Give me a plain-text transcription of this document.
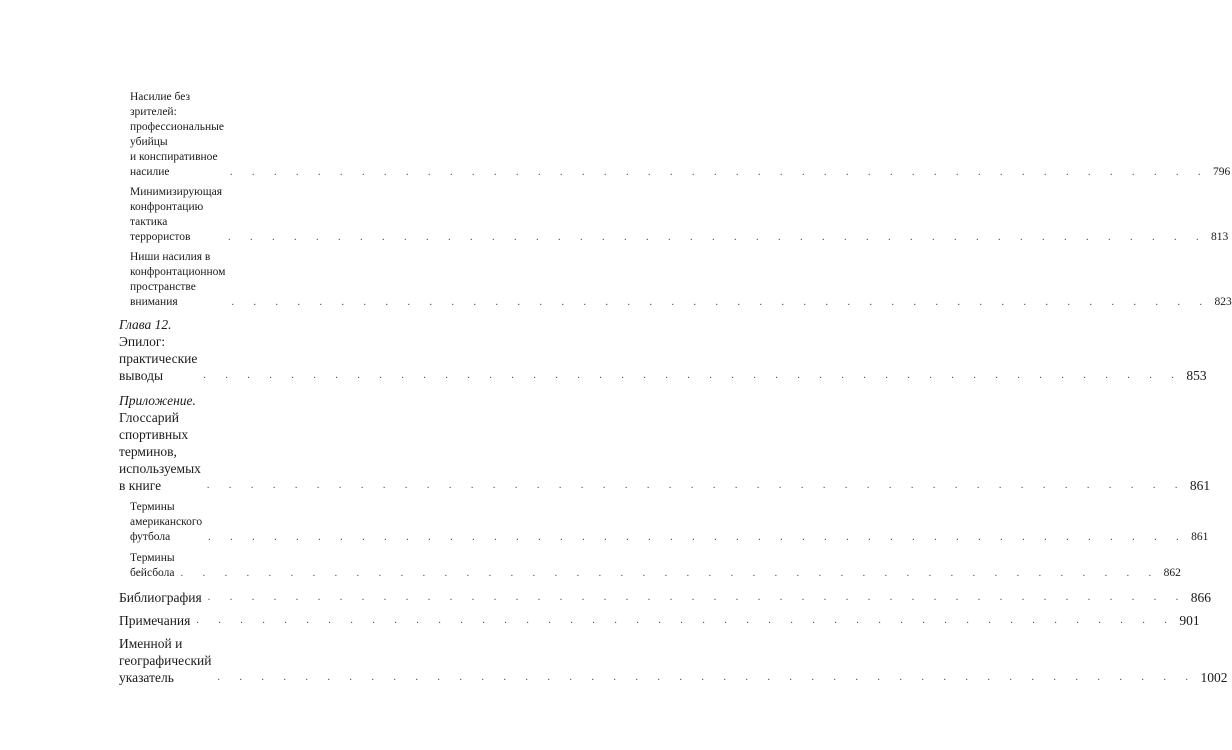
Насилие без зрителей: профессиональные убийцы
и конспиративное насилие	. . . . . . . . . . . . . . . . . . . . . . . . . . . . . . . . . . . . . . . . . . . . . 796
Минимизирующая конфронтацию тактика террористов	. . . . . . . . . . . . . . . . . . . . . . . . . . . . . . . . . . . . . . . . . . . . . 813
Ниши насилия в конфронтационном
пространстве внимания	. . . . . . . . . . . . . . . . . . . . . . . . . . . . . . . . . . . . . . . . . . . . . 823
Глава 12. Эпилог: практические выводы	. . . . . . . . . . . . . . . . . . . . . . . . . . . . . . . . . . . . . . . . . . . . . 853
Приложение. Глоссарий спортивных терминов,
используемых в книге	. . . . . . . . . . . . . . . . . . . . . . . . . . . . . . . . . . . . . . . . . . . . . 861
Термины американского футбола	. . . . . . . . . . . . . . . . . . . . . . . . . . . . . . . . . . . . . . . . . . . . . 861
Термины бейсбола . . . . . . . . . . . . . . . . . . . . . . . . . . . . . . . . . . . . . . . . . . . . . 862
Библиография . . . . . . . . . . . . . . . . . . . . . . . . . . . . . . . . . . . . . . . . . . . . . 866
Примечания . . . . . . . . . . . . . . . . . . . . . . . . . . . . . . . . . . . . . . . . . . . . . 901
Именной и географический указатель	. . . . . . . . . . . . . . . . . . . . . . . . . . . . . . . . . . . . . . . . . . . . . 1002
